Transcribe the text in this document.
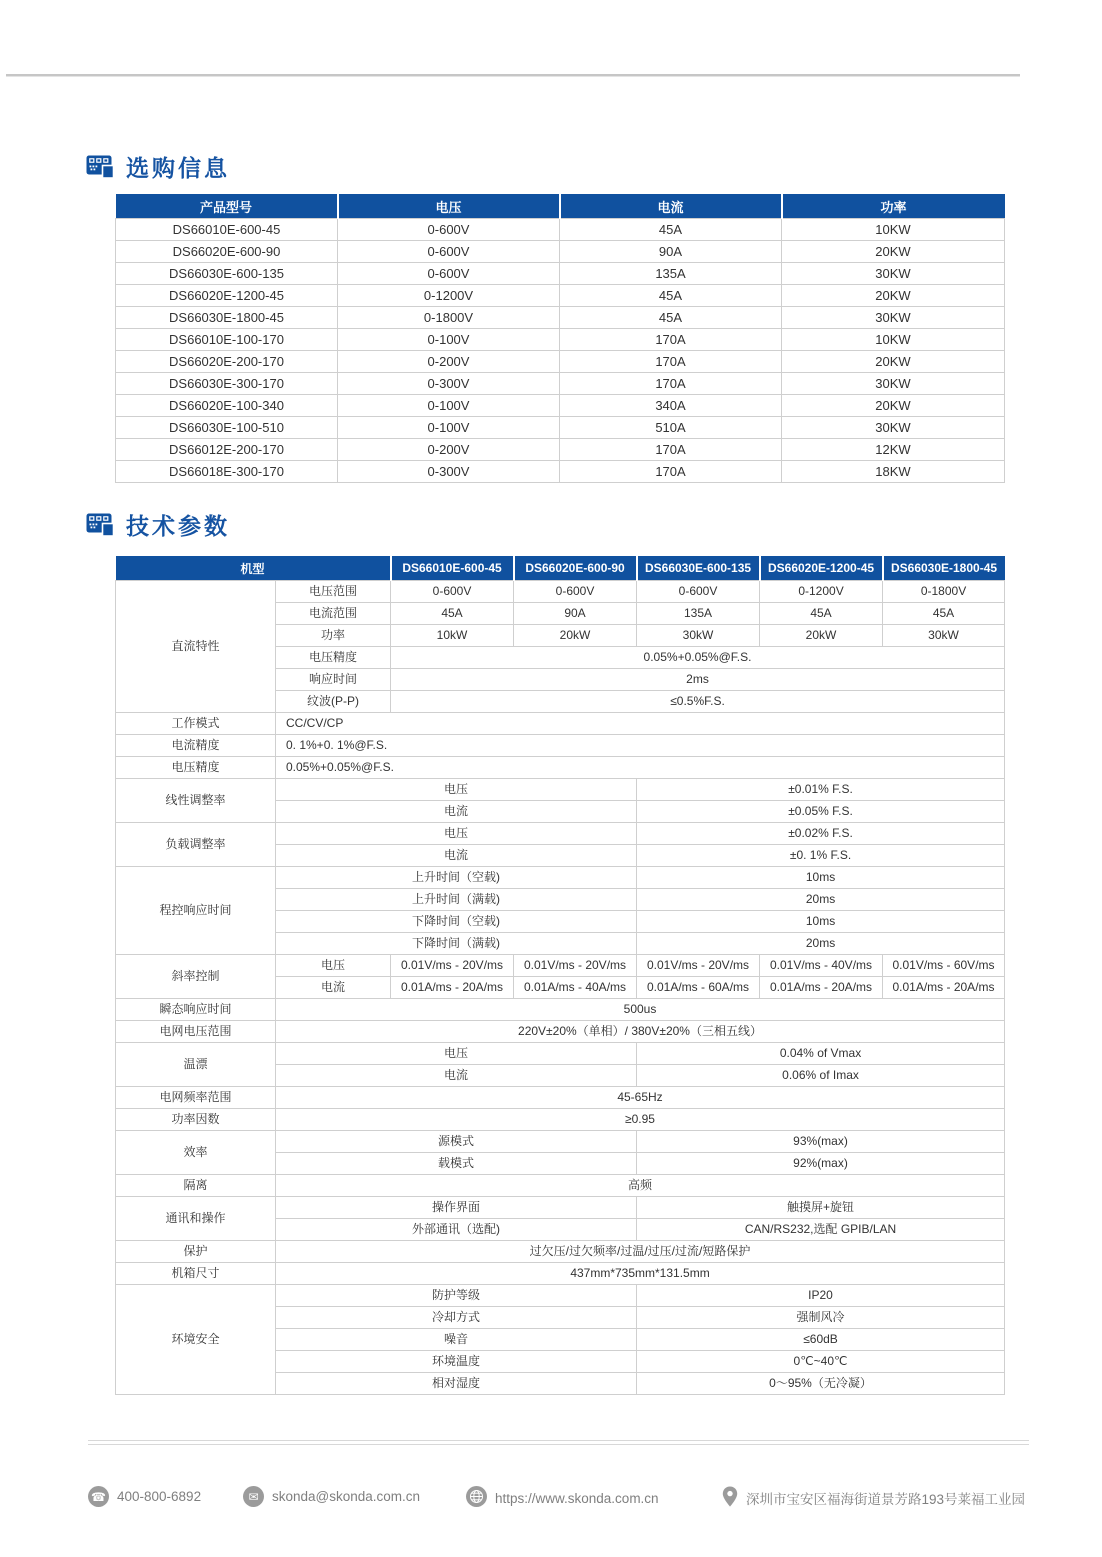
选购信息
产品型号	电压	电流	功率
DS66010E-600-45	0-600V	45A	10KW
DS66020E-600-90	0-600V	90A	20KW
DS66030E-600-135	0-600V	135A	30KW
DS66020E-1200-45	0-1200V	45A	20KW
DS66030E-1800-45	0-1800V	45A	30KW
DS66010E-100-170	0-100V	170A	10KW
DS66020E-200-170	0-200V	170A	20KW
DS66030E-300-170	0-300V	170A	30KW
DS66020E-100-340	0-100V	340A	20KW
DS66030E-100-510	0-100V	510A	30KW
DS66012E-200-170	0-200V	170A	12KW
DS66018E-300-170	0-300V	170A	18KW
技术参数
机型		DS66010E-600-45	DS66020E-600-90	DS66030E-600-135	DS66020E-1200-45	DS66030E-1800-45
直流特性	电压范围	0-600V	0-600V	0-600V	0-1200V	0-1800V
	电流范围	45A	90A	135A	45A	45A
	功率	10kW	20kW	30kW	20kW	30kW
	电压精度	0.05%+0.05%@F.S.				
	响应时间	2ms				
	纹波(P-P)	≤0.5%F.S.				
工作模式	CC/CV/CP					
电流精度	0. 1%+0. 1%@F.S.					
电压精度	0.05%+0.05%@F.S.					
线性调整率	电压			±0.01% F.S.		
	电流			±0.05% F.S.		
负载调整率	电压			±0.02% F.S.		
	电流			±0. 1% F.S.		
程控响应时间	上升时间（空载)			10ms		
	上升时间（满载)			20ms		
	下降时间（空载)			10ms		
	下降时间（满载)			20ms		
斜率控制	电压	0.01V/ms - 20V/ms	0.01V/ms - 20V/ms	0.01V/ms - 20V/ms	0.01V/ms - 40V/ms	0.01V/ms - 60V/ms
	电流	0.01A/ms - 20A/ms	0.01A/ms - 40A/ms	0.01A/ms - 60A/ms	0.01A/ms - 20A/ms	0.01A/ms - 20A/ms
瞬态响应时间	500us					
电网电压范围	220V±20%（单相）/ 380V±20%（三相五线）					
温漂	电压			0.04% of Vmax		
	电流			0.06% of Imax		
电网频率范围	45-65Hz					
功率因数	≥0.95					
效率	源模式			93%(max)		
	载模式			92%(max)		
隔离	高频					
通讯和操作	操作界面			触摸屏+旋钮		
	外部通讯（选配)			CAN/RS232,选配 GPIB/LAN		
保护	过欠压/过欠频率/过温/过压/过流/短路保护					
机箱尺寸	437mm*735mm*131.5mm					
环境安全	防护等级			IP20		
	冷却方式			强制风冷		
	噪音			≤60dB		
	环境温度			0℃~40℃		
	相对湿度			0～95%（无冷凝）		
☎ 400-800-6892	✉ skonda@skonda.com.cn	https://www.skonda.com.cn	深圳市宝安区福海街道景芳路193号莱福工业园
